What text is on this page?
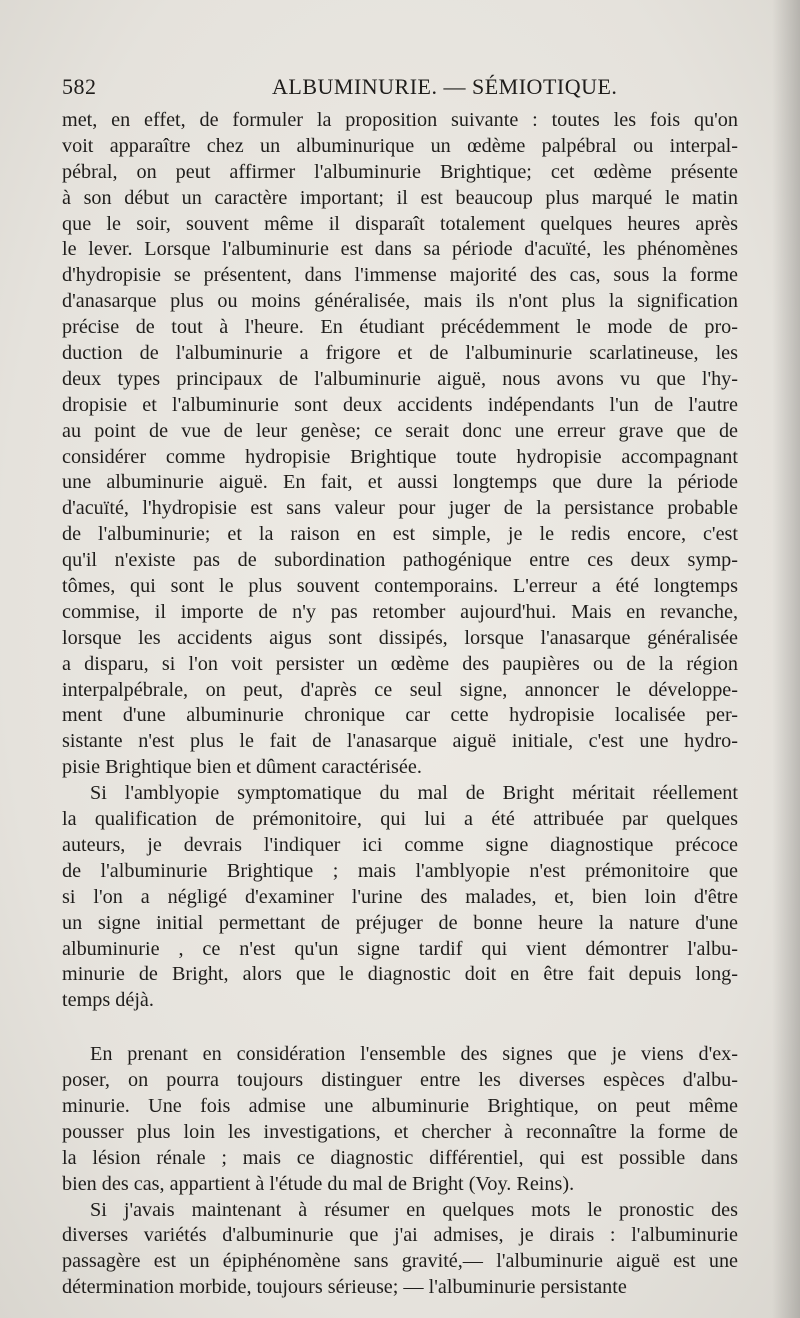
582	ALBUMINURIE. — SÉMIOTIQUE.
met, en effet, de formuler la proposition suivante : toutes les fois qu'on
voit apparaître chez un albuminurique un œdème palpébral ou interpal-
pébral, on peut affirmer l'albuminurie Brightique; cet œdème présente
à son début un caractère important; il est beaucoup plus marqué le matin
que le soir, souvent même il disparaît totalement quelques heures après
le lever. Lorsque l'albuminurie est dans sa période d'acuïté, les phénomènes
d'hydropisie se présentent, dans l'immense majorité des cas, sous la forme
d'anasarque plus ou moins généralisée, mais ils n'ont plus la signification
précise de tout à l'heure. En étudiant précédemment le mode de pro-
duction de l'albuminurie a frigore et de l'albuminurie scarlatineuse, les
deux types principaux de l'albuminurie aiguë, nous avons vu que l'hy-
dropisie et l'albuminurie sont deux accidents indépendants l'un de l'autre
au point de vue de leur genèse; ce serait donc une erreur grave que de
considérer comme hydropisie Brightique toute hydropisie accompagnant
une albuminurie aiguë. En fait, et aussi longtemps que dure la période
d'acuïté, l'hydropisie est sans valeur pour juger de la persistance probable
de l'albuminurie; et la raison en est simple, je le redis encore, c'est
qu'il n'existe pas de subordination pathogénique entre ces deux symp-
tômes, qui sont le plus souvent contemporains. L'erreur a été longtemps
commise, il importe de n'y pas retomber aujourd'hui. Mais en revanche,
lorsque les accidents aigus sont dissipés, lorsque l'anasarque généralisée
a disparu, si l'on voit persister un œdème des paupières ou de la région
interpalpébrale, on peut, d'après ce seul signe, annoncer le développe-
ment d'une albuminurie chronique car cette hydropisie localisée per-
sistante n'est plus le fait de l'anasarque aiguë initiale, c'est une hydro-
pisie Brightique bien et dûment caractérisée.
Si l'amblyopie symptomatique du mal de Bright méritait réellement
la qualification de prémonitoire, qui lui a été attribuée par quelques
auteurs, je devrais l'indiquer ici comme signe diagnostique précoce
de l'albuminurie Brightique ; mais l'amblyopie n'est prémonitoire que
si l'on a négligé d'examiner l'urine des malades, et, bien loin d'être
un signe initial permettant de préjuger de bonne heure la nature d'une
albuminurie , ce n'est qu'un signe tardif qui vient démontrer l'albu-
minurie de Bright, alors que le diagnostic doit en être fait depuis long-
temps déjà.
En prenant en considération l'ensemble des signes que je viens d'ex-
poser, on pourra toujours distinguer entre les diverses espèces d'albu-
minurie. Une fois admise une albuminurie Brightique, on peut même
pousser plus loin les investigations, et chercher à reconnaître la forme de
la lésion rénale ; mais ce diagnostic différentiel, qui est possible dans
bien des cas, appartient à l'étude du mal de Bright (Voy. Reins).
Si j'avais maintenant à résumer en quelques mots le pronostic des
diverses variétés d'albuminurie que j'ai admises, je dirais : l'albuminurie
passagère est un épiphénomène sans gravité,— l'albuminurie aiguë est une
détermination morbide, toujours sérieuse; — l'albuminurie persistante
